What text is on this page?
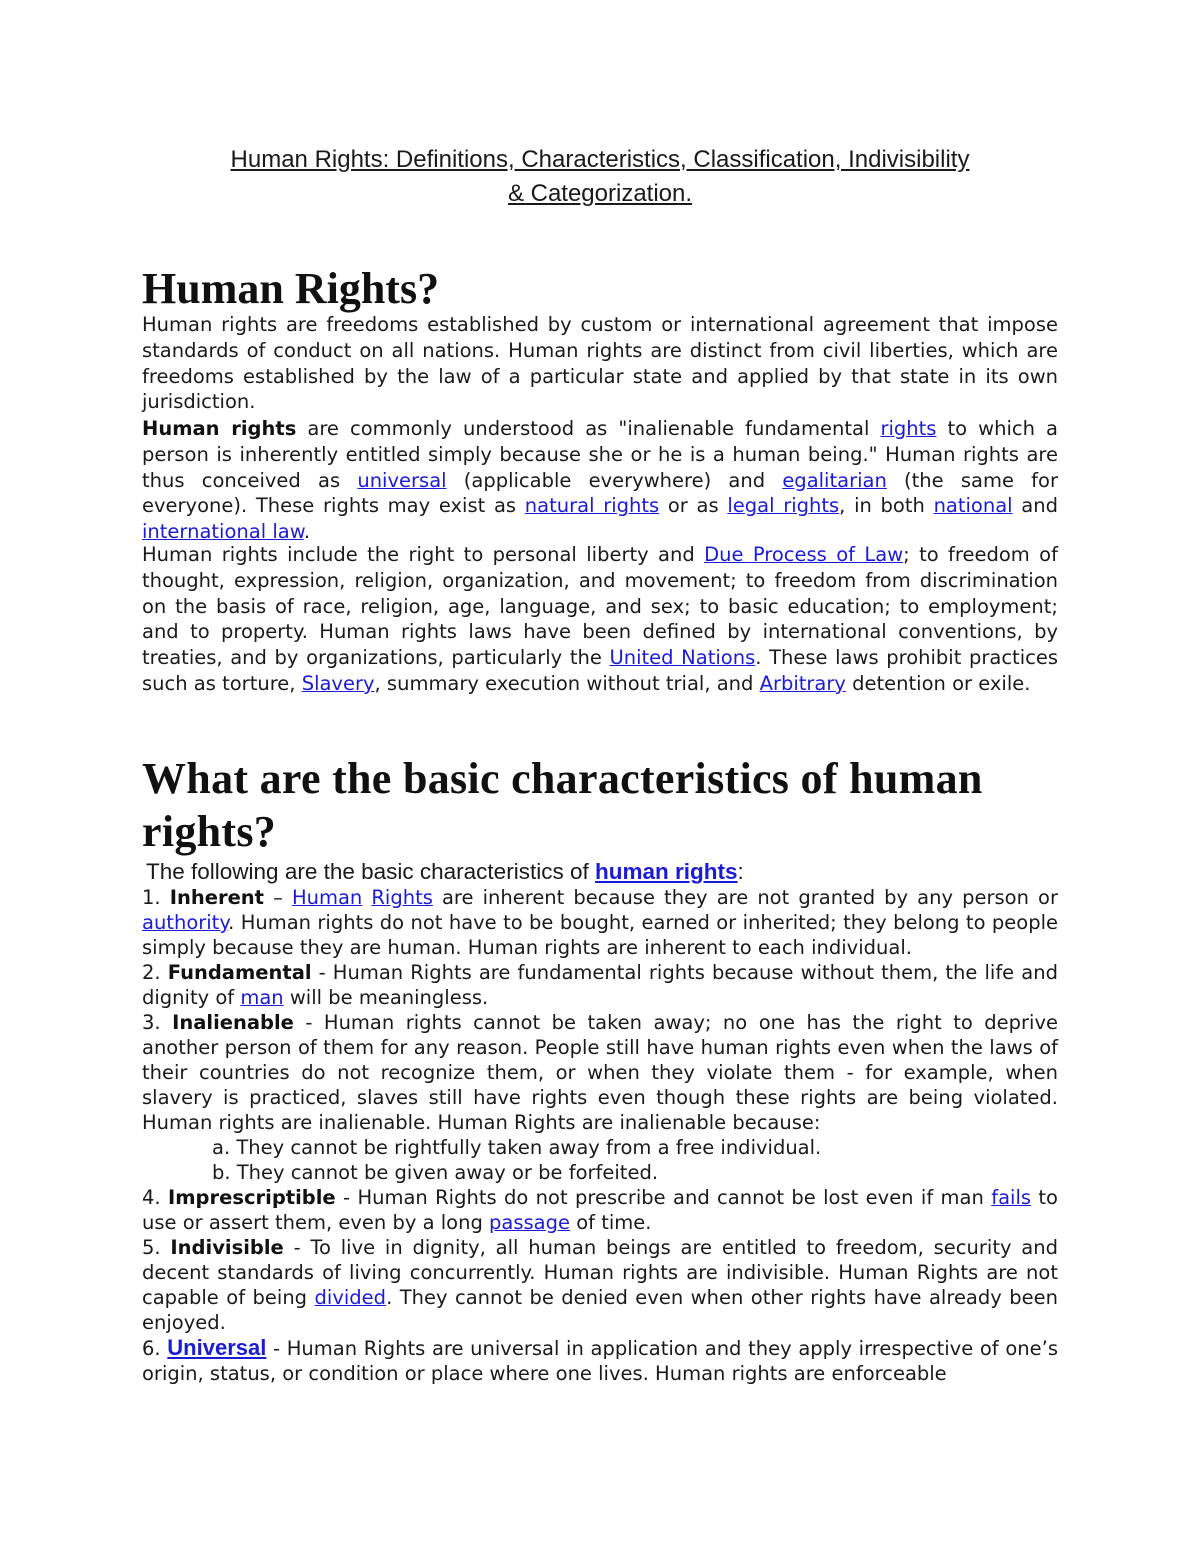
Human Rights: Definitions, Characteristics, Classification, Indivisibility
& Categorization.
Human Rights?

Human rights are freedoms established by custom or international agreement that impose standards of conduct on all nations. Human rights are distinct from civil liberties, which are freedoms established by the law of a particular state and applied by that state in its own jurisdiction.

Human rights are commonly understood as "inalienable fundamental rights to which a person is inherently entitled simply because she or he is a human being." Human rights are thus conceived as universal (applicable everywhere) and egalitarian (the same for everyone). These rights may exist as natural rights or as legal rights, in both national and international law.

Human rights include the right to personal liberty and Due Process of Law; to freedom of thought, expression, religion, organization, and movement; to freedom from discrimination on the basis of race, religion, age, language, and sex; to basic education; to employment; and to property. Human rights laws have been defined by international conventions, by treaties, and by organizations, particularly the United Nations. These laws prohibit practices such as torture, Slavery, summary execution without trial, and Arbitrary detention or exile.

What are the basic characteristics of human rights?
The following are the basic characteristics of human rights:
1. Inherent – Human Rights are inherent because they are not granted by any person or authority. Human rights do not have to be bought, earned or inherited; they belong to people simply because they are human. Human rights are inherent to each individual.
2. Fundamental - Human Rights are fundamental rights because without them, the life and dignity of man will be meaningless.
3. Inalienable - Human rights cannot be taken away; no one has the right to deprive another person of them for any reason. People still have human rights even when the laws of their countries do not recognize them, or when they violate them - for example, when slavery is practiced, slaves still have rights even though these rights are being violated. Human rights are inalienable. Human Rights are inalienable because:
a. They cannot be rightfully taken away from a free individual.
b. They cannot be given away or be forfeited.
4. Imprescriptible - Human Rights do not prescribe and cannot be lost even if man fails to use or assert them, even by a long passage of time.
5. Indivisible - To live in dignity, all human beings are entitled to freedom, security and decent standards of living concurrently. Human rights are indivisible. Human Rights are not capable of being divided. They cannot be denied even when other rights have already been enjoyed.
6. Universal - Human Rights are universal in application and they apply irrespective of one’s origin, status, or condition or place where one lives. Human rights are enforceable
